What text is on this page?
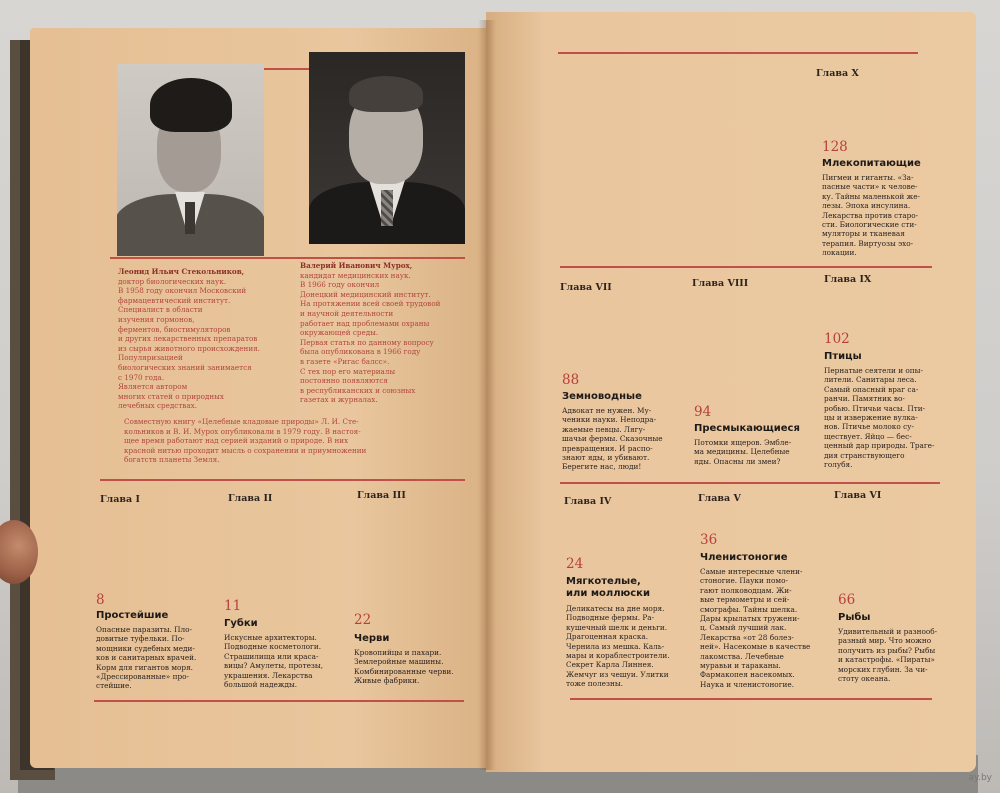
Леонид Ильич Стекольников,
доктор биологических наук.
В 1958 году окончил Московский
фармацевтический институт.
Специалист в области
изучения гормонов,
ферментов, биостимуляторов
и других лекарственных препаратов
из сырья животного происхождения.
Популяризацией
биологических знаний занимается
с 1970 года.
Является автором
многих статей о природных
лечебных средствах.
Валерий Иванович Мурох,
кандидат медицинских наук.
В 1966 году окончил
Донецкий медицинский институт.
На протяжении всей своей трудовой
и научной деятельности
работает над проблемами охраны
окружающей среды.
Первая статья по данному вопросу
была опубликована в 1966 году
в газете «Ригас балсс».
С тех пор его материалы
постоянно появляются
в республиканских и союзных
газетах и журналах.
Совместную книгу «Целебные кладовые природы» Л. И. Сте-
кольников и В. И. Мурох опубликовали в 1979 году. В настоя-
щее время работают над серией изданий о природе. В них
красной нитью проходит мысль о сохранении и приумножении
богатств планеты Земля.
Глава I	Глава II	Глава III
8
Простейшие
Опасные паразиты. Пло-
довитые туфельки. По-
мощники судебных меди-
ков и санитарных врачей.
Корм для гигантов моря.
«Дрессированные» про-
стейшие.
11
Губки
Искусные архитекторы.
Подводные косметологи.
Страшилища или краса-
вицы? Амулеты, протезы,
украшения. Лекарства
большой надежды.
22
Черви
Кровопийцы и пахари.
Землеройные машины.
Комбинированные черви.
Живые фабрики.
Глава X
128
Млекопитающие
Пигмеи и гиганты. «За-
пасные части» к челове-
ку. Тайны маленькой же-
лезы. Эпоха инсулина.
Лекарства против старо-
сти. Биологические сти-
муляторы и тканевая
терапия. Виртуозы эхо-
локации.
Глава VII	Глава VIII	Глава IX
88
Земноводные
Адвокат не нужен. Му-
ченики науки. Неподра-
жаемые певцы. Лягу-
шачьи фермы. Сказочные
превращения. И распо-
знают яды, и убивают.
Берегите нас, люди!
94
Пресмыкающиеся
Потомки ящеров. Эмбле-
ма медицины. Целебные
яды. Опасны ли змеи?
102
Птицы
Пернатые сеятели и опы-
лители. Санитары леса.
Самый опасный враг са-
ранчи. Памятник во-
робью. Птичьи часы. Пти-
цы и извержение вулка-
нов. Птичье молоко су-
ществует. Яйцо — бес-
ценный дар природы. Траге-
дия странствующего
голубя.
Глава IV	Глава V	Глава VI
24
Мягкотелые,
или моллюски
Деликатесы на дне моря.
Подводные фермы. Ра-
кушечный шелк и деньги.
Драгоценная краска.
Чернила из мешка. Каль-
мары и кораблестроители.
Секрет Карла Линнея.
Жемчуг из чешуи. Улитки
тоже полезны.
36
Членистоногие
Самые интересные члени-
стоногие. Пауки помо-
гают полководцам. Жи-
вые термометры и сей-
смографы. Тайны шелка.
Дары крылатых тружени-
ц. Самый лучший лак.
Лекарства «от 28 болез-
ней». Насекомые в качестве
лакомства. Лечебные
муравьи и тараканы.
Фармакопея насекомых.
Наука и членистоногие.
66
Рыбы
Удивительный и разнооб-
разный мир. Что можно
получить из рыбы? Рыбы
и катастрофы. «Пираты»
морских глубин. За чи-
стоту океана.
ay.by
